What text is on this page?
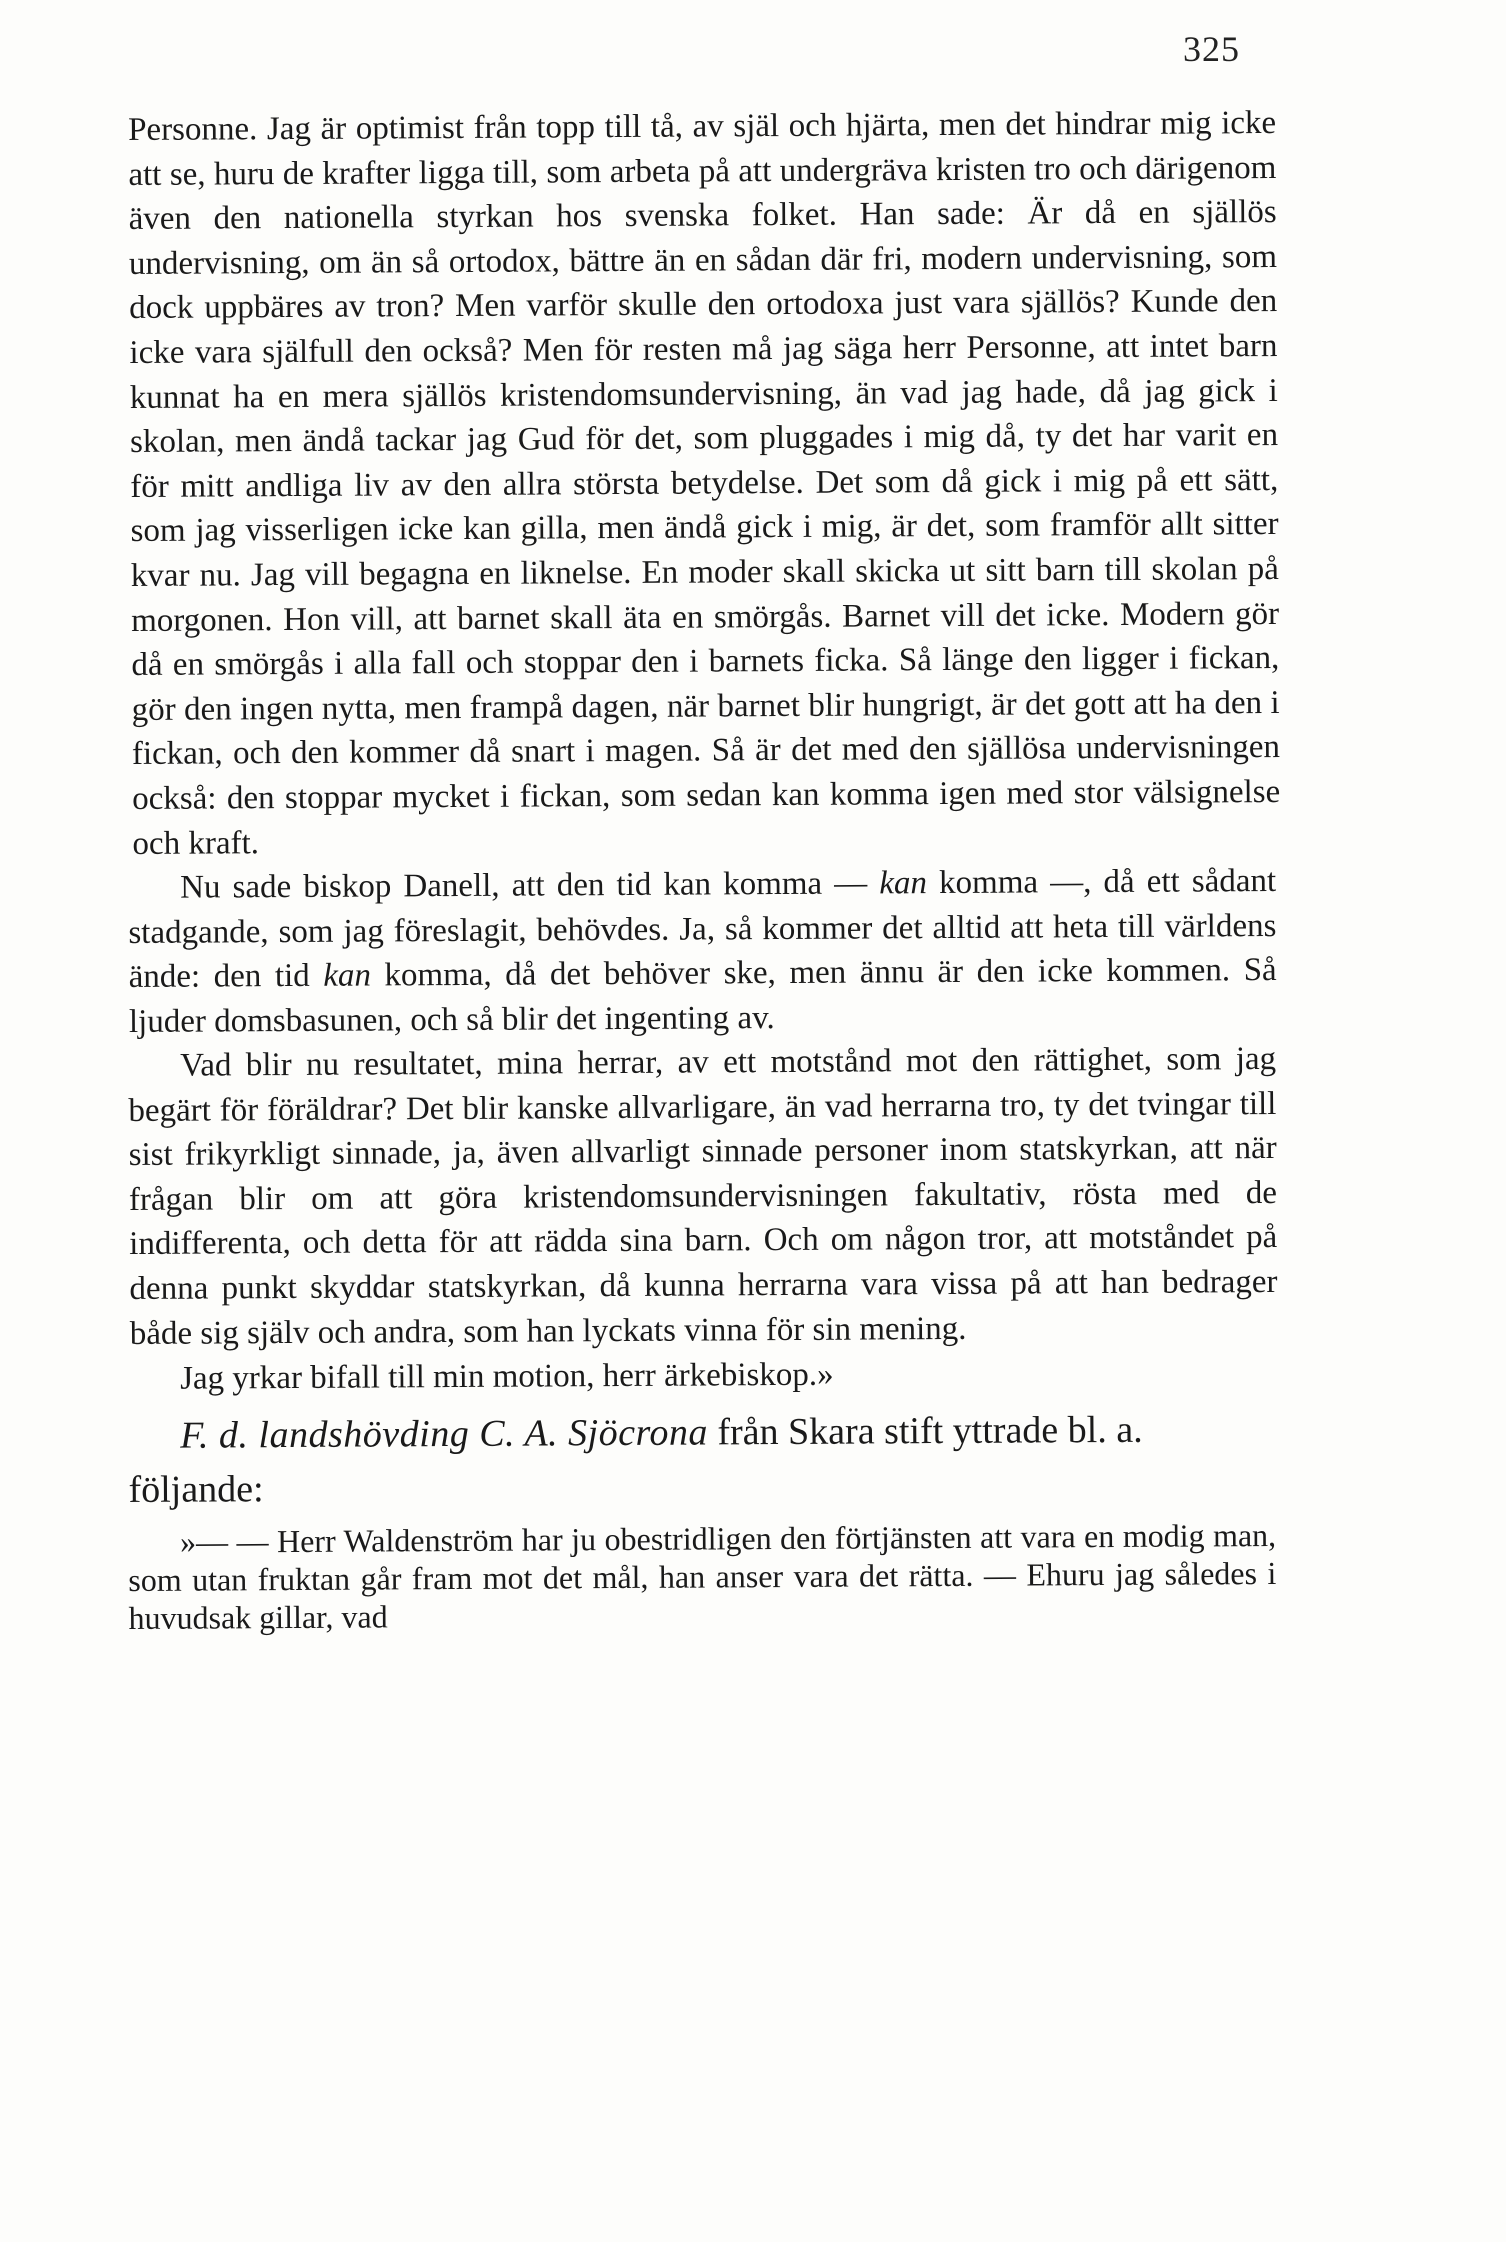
325

Personne. Jag är optimist från topp till tå, av själ och hjärta, men det hindrar mig icke att se, huru de krafter ligga till, som arbeta på att undergräva kristen tro och därigenom även den nationella styrkan hos svenska folket. Han sade: Är då en själlös undervisning, om än så ortodox, bättre än en sådan där fri, modern undervisning, som dock uppbäres av tron? Men varför skulle den ortodoxa just vara själlös? Kunde den icke vara själfull den också? Men för resten må jag säga herr Personne, att intet barn kunnat ha en mera själlös kristendomsundervisning, än vad jag hade, då jag gick i skolan, men ändå tackar jag Gud för det, som pluggades i mig då, ty det har varit en för mitt andliga liv av den allra största betydelse. Det som då gick i mig på ett sätt, som jag visserligen icke kan gilla, men ändå gick i mig, är det, som framför allt sitter kvar nu. Jag vill begagna en liknelse. En moder skall skicka ut sitt barn till skolan på morgonen. Hon vill, att barnet skall äta en smörgås. Barnet vill det icke. Modern gör då en smörgås i alla fall och stoppar den i barnets ficka. Så länge den ligger i fickan, gör den ingen nytta, men frampå dagen, när barnet blir hungrigt, är det gott att ha den i fickan, och den kommer då snart i magen. Så är det med den själlösa undervisningen också: den stoppar mycket i fickan, som sedan kan komma igen med stor välsignelse och kraft.

Nu sade biskop Danell, att den tid kan komma — kan komma —, då ett sådant stadgande, som jag föreslagit, behövdes. Ja, så kommer det alltid att heta till världens ände: den tid kan komma, då det behöver ske, men ännu är den icke kommen. Så ljuder domsbasunen, och så blir det ingenting av.

Vad blir nu resultatet, mina herrar, av ett motstånd mot den rättighet, som jag begärt för föräldrar? Det blir kanske allvarligare, än vad herrarna tro, ty det tvingar till sist frikyrkligt sinnade, ja, även allvarligt sinnade personer inom statskyrkan, att när frågan blir om att göra kristendomsundervisningen fakultativ, rösta med de indifferenta, och detta för att rädda sina barn. Och om någon tror, att motståndet på denna punkt skyddar statskyrkan, då kunna herrarna vara vissa på att han bedrager både sig själv och andra, som han lyckats vinna för sin mening.

Jag yrkar bifall till min motion, herr ärkebiskop.»

F. d. landshövding C. A. Sjöcrona från Skara stift yttrade bl. a. följande:

»— — Herr Waldenström har ju obestridligen den förtjänsten att vara en modig man, som utan fruktan går fram mot det mål, han anser vara det rätta. — Ehuru jag således i huvudsak gillar, vad
